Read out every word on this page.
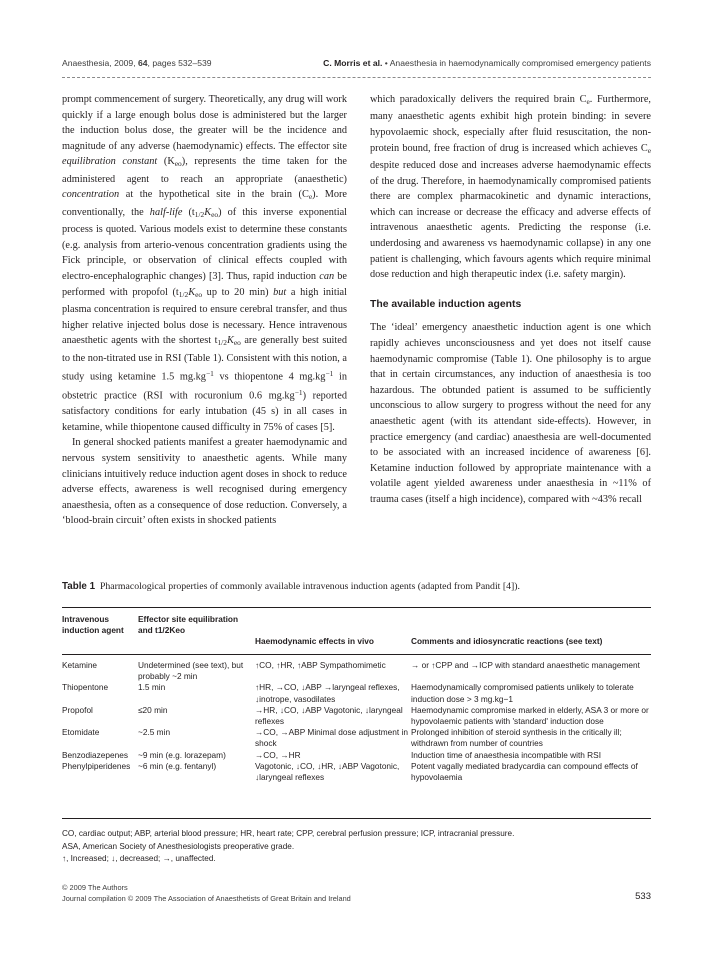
Anaesthesia, 2009, 64, pages 532–539	C. Morris et al. • Anaesthesia in haemodynamically compromised emergency patients

prompt commencement of surgery. Theoretically, any drug will work quickly if a large enough bolus dose is administered but the larger the induction bolus dose, the greater will be the incidence and magnitude of any adverse (haemodynamic) effects. The effector site equilibration constant $(K_{eo})$, represents the time taken for the administered agent to reach an appropriate (anaesthetic) concentration at the hypothetical site in the brain $(C_e)$. More conventionally, the half-life $(t_{1/2}K_{eo})$ of this inverse exponential process is quoted. Various models exist to determine these constants (e.g. analysis from arterio-venous concentration gradients using the Fick principle, or observation of clinical effects coupled with electro-encephalographic changes) [3]. Thus, rapid induction can be performed with propofol ($t_{1/2}K_{eo}$ up to 20 min) but a high initial plasma concentration is required to ensure cerebral transfer, and thus higher relative injected bolus dose is necessary. Hence intravenous anaesthetic agents with the shortest $t_{1/2}K_{eo}$ are generally best suited to the non-titrated use in RSI (Table 1). Consistent with this notion, a study using ketamine 1.5 $mg.kg^{-1}$ vs thiopentone 4 $mg.kg^{-1}$ in obstetric practice (RSI with rocuronium 0.6 $mg.kg^{-1}$) reported satisfactory conditions for early intubation (45 s) in all cases in ketamine, while thiopentone caused difficulty in 75% of cases [5].

In general shocked patients manifest a greater haemodynamic and nervous system sensitivity to anaesthetic agents. While many clinicians intuitively reduce induction agent doses in shock to reduce adverse effects, awareness is well recognised during emergency anaesthesia, often as a consequence of dose reduction. Conversely, a ‘blood-brain circuit’ often exists in shocked patients

which paradoxically delivers the required brain $C_e$. Furthermore, many anaesthetic agents exhibit high protein binding: in severe hypovolaemic shock, especially after fluid resuscitation, the non-protein bound, free fraction of drug is increased which achieves $C_e$ despite reduced dose and increases adverse haemodynamic effects of the drug. Therefore, in haemodynamically compromised patients there are complex pharmacokinetic and dynamic interactions, which can increase or decrease the efficacy and adverse effects of intravenous anaesthetic agents. Predicting the response (i.e. underdosing and awareness vs haemodynamic collapse) in any one patient is challenging, which favours agents which require minimal dose reduction and high therapeutic index (i.e. safety margin).

The available induction agents

The ‘ideal’ emergency anaesthetic induction agent is one which rapidly achieves unconsciousness and yet does not itself cause haemodynamic compromise (Table 1). One philosophy is to argue that in certain circumstances, any induction of anaesthesia is too hazardous. The obtunded patient is assumed to be sufficiently unconscious to allow surgery to progress without the need for any anaesthetic agent (with its attendant side-effects). However, in practice emergency (and cardiac) anaesthesia are well-documented to be associated with an increased incidence of awareness [6]. Ketamine induction followed by appropriate maintenance with a volatile agent yielded awareness under anaesthesia in ~11% of trauma cases (itself a high incidence), compared with ~43% recall

Table 1 Pharmacological properties of commonly available intravenous induction agents (adapted from Pandit [4]).
Intravenous induction agent	Effector site equilibration and t1/2Keo	Haemodynamic effects in vivo	Comments and idiosyncratic reactions (see text)
Ketamine	Undetermined (see text), but probably ~2 min	↑CO, ↑HR, ↑ABP Sympathomimetic	→ or ↑CPP and →ICP with standard anaesthetic management
Thiopentone	1.5 min	↑HR, →CO, ↓ABP →laryngeal reflexes, ↓inotrope, vasodilates	Haemodynamically compromised patients unlikely to tolerate induction dose > 3 mg.kg−1
Propofol	≤20 min	→HR, ↓CO, ↓ABP Vagotonic, ↓laryngeal reflexes	Haemodynamic compromise marked in elderly, ASA 3 or more or hypovolaemic patients with 'standard' induction dose
Etomidate	~2.5 min	→CO, →ABP Minimal dose adjustment in shock	Prolonged inhibition of steroid synthesis in the critically ill; withdrawn from number of countries
Benzodiazepenes	~9 min (e.g. lorazepam)	→CO, →HR	Induction time of anaesthesia incompatible with RSI
Phenylpiperidenes	~6 min (e.g. fentanyl)	Vagotonic, ↓CO, ↓HR, ↓ABP Vagotonic, ↓laryngeal reflexes	Potent vagally mediated bradycardia can compound effects of hypovolaemia
CO, cardiac output; ABP, arterial blood pressure; HR, heart rate; CPP, cerebral perfusion pressure; ICP, intracranial pressure.
ASA, American Society of Anesthesiologists preoperative grade.
↑, Increased; ↓, decreased; →, unaffected.
© 2009 The Authors
Journal compilation © 2009 The Association of Anaesthetists of Great Britain and Ireland	533
